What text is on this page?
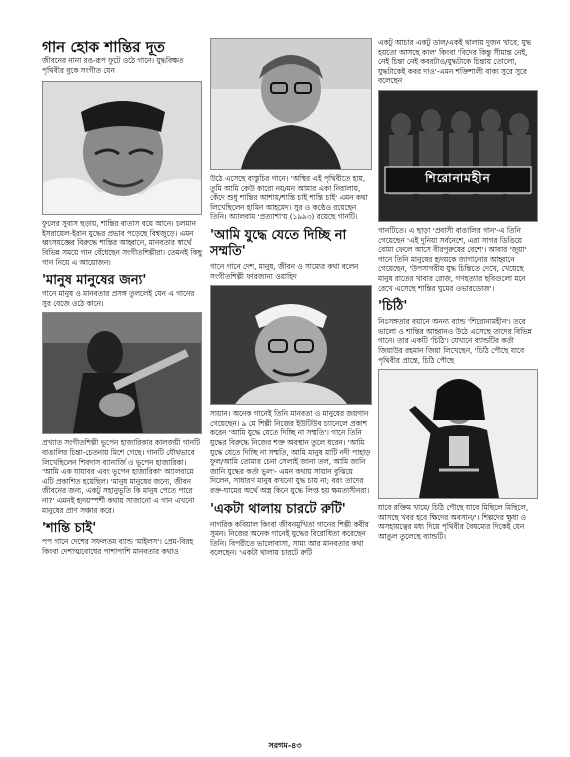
গান হোক শান্তির দূত

জীবনের নানা রঙ-রূপ ফুটে ওঠে গানে। যুদ্ধবিক্ষত পৃথিবীর বুকে সংগীত যেন

ফুলের সুবাস ছড়ায়, শান্তির বাতাস বয়ে আনে। চলমান ইসরায়েল-ইরান যুদ্ধের প্রভাব পড়েছে বিশ্বজুড়ে। এমন ধ্বংসযজ্ঞের বিরুদ্ধে শান্তির আহ্বানে, মানবতার স্বার্থে বিভিন্ন সময়ে গান বেঁধেছেন সংগীতশিল্পীরা। তেমনই কিছু গান নিয়ে এ আয়োজন।

'মানুষ মানুষের জন্য'

গানে মানুষ ও মানবতার প্রসঙ্গ তুললেই যেন এ গানের সুর বেজে ওঠে কানে।

প্রখ্যাত সংগীতশিল্পী ভূপেন হাজারিকার কালজয়ী গানটি বাঙালির চিন্তা-চেতনায় মিশে গেছে। গানটি যৌথভাবে লিখেছিলেন শিবদাস ব্যানার্জি ও ভূপেন হাজারিকা। 'আমি এক যাযাবর এবং ভূপেন হাজারিকা' অ্যালবামে এটি প্রকাশিত হয়েছিল। 'মানুষ মানুষের জন্যে, জীবন জীবনের জন্য, একটু সহানুভূতি কি মানুষ পেতে পারে না?' এমনই হৃদয়স্পর্শী কথায় সাজানো এ গান এখনো মানুষের প্রাণ সঞ্চার করে।

'শান্তি চাই'

পপ গানে দেশের সফলতম ব্যান্ড 'মাইলস'। প্রেম-বিরহ কিংবা দেশাত্মবোধের পাশাপাশি মানবতার কথাও

উঠে এসেছে বাস্তুচির গানে। 'অস্থির এই পৃথিবীতে হায়, তুমি আমি কেউ কারো নয়/মন আমার একা নিরালায়, কেঁদে শুধু শান্তির আশায়/শান্তি চাই শান্তি চাই' এমন কথা লিখেছিলেন হামিন আহমেদ। সুর ও কণ্ঠেও রয়েছেন তিনি। অ্যালবাম 'প্রত্যাশা'য় (১৯৯৩) রয়েছে গানটি।

'আমি যুদ্ধে যেতে দিচ্ছি না সম্মতি'

গানে গানে দেশ, মানুষ, জীবন ও সাম্যের কথা বলেন সংগীতশিল্পী ফারজানা ওয়াহিদ

সায়ান। অনেক গানেই তিনি মানবতা ও মানুষের জয়গান গেয়েছেন। ৯ মে শিল্পী নিজের ইউটিউব চ্যানেলে প্রকাশ করেন 'আমি যুদ্ধে যেতে দিচ্ছি না সম্মতি'। গানে তিনি যুদ্ধের বিরুদ্ধে নিজের শক্ত অবস্থান তুলে ধরেন। 'আমি যুদ্ধে যেতে দিচ্ছি না সম্মতি, আমি মানুষ মাটি নদী পাহাড় ফুল/আমি তোমার চেনা সেলাই জানা তল, আমি জানি জানি যুদ্ধের কর্তা ভুল'- এমন কথায় সায়ান বুঝিয়ে দিলেন, সাধারণ মানুষ কখনো যুদ্ধ চায় না; বরং তাদের রক্ত-ঘামের অর্থে অস্ত্র কিনে যুদ্ধে লিপ্ত হয় ক্ষমতাসীনরা।

'একটা থালায় চারটে রুটি'

নাগরিক কবিয়াল কিংবা জীবনমুখিতা গানের শিল্পী কবীর সুমন। নিজের অনেক গানেই যুদ্ধের বিরোধিতা করেছেন তিনি। বিপরীতে ভালোবাসা, সাম্য আর মানবতার কথা বলেছেন। 'একটা থালায় চারটে রুটি

একটু আচার একটু ডাল/একই থালায় দুজন খাবে, যুদ্ধ হয়তো আসছে কাল' কিংবা 'বিদের কিন্তু সীমান্ত নেই, নেই চিন্তা নেই কবরটাও/যুদ্ধটাকে চিন্তায় তোলো, যুদ্ধটাকেই কবর দাও'-এমন শক্তিশালী বাক্য সুরে সুরে বলেছেন

শিরোনামহীন

গানটিতে। এ ছাড়া 'প্রবাসী বাঙালির গান'-এ তিনি গেয়েছেন 'এই দুনিয়া সর্বনেশে, এরা সাগর ডিঙিয়ে বোমা ফেলে আসে বীরপুরুষের বেশে'। আবার 'জুয়া' গানে তিনি মানুষের হৃদয়কে জাগানোর আহ্বানে গেয়েছেন, 'উপসাগরীয় যুদ্ধ চিন্তিতে দেখে, খেয়েছে মানুষ রাতের খাবার রোজ, গণহত্যার ছবিগুলো মনে রেখে এসেছে শান্তির ঘুমের ওভারডোজ'।

'চিঠি'

নিঃসঙ্গতার বয়ানে অনন্য ব্যান্ড 'শিরোনামহীন'। তবে ভালো ও শান্তির আহ্বানও উঠে এসেছে তাদের বিভিন্ন গানে। তার একটি 'চিঠি'। যেখানে ব্যান্ডটির কর্তা জিয়াউর রহমান জিয়া লিখেছেন, 'চিঠি পৌছে যাবে পৃথিবীর প্রান্তে, চিঠি পৌছে

যাবে রক্তিম খামে/ চিঠি পৌছে যাবে মিছিলে মিছিলে, আসছে খবর হবে ক্ষিদের অবসান/'। শিল্পদের ক্ষুধা ও অসহায়ত্বের মধ্য দিয়ে পৃথিবীর বৈষম্যের দিকেই যেন আঙুল তুলেছে ব্যান্ডটি।

সরগম-৪৩
